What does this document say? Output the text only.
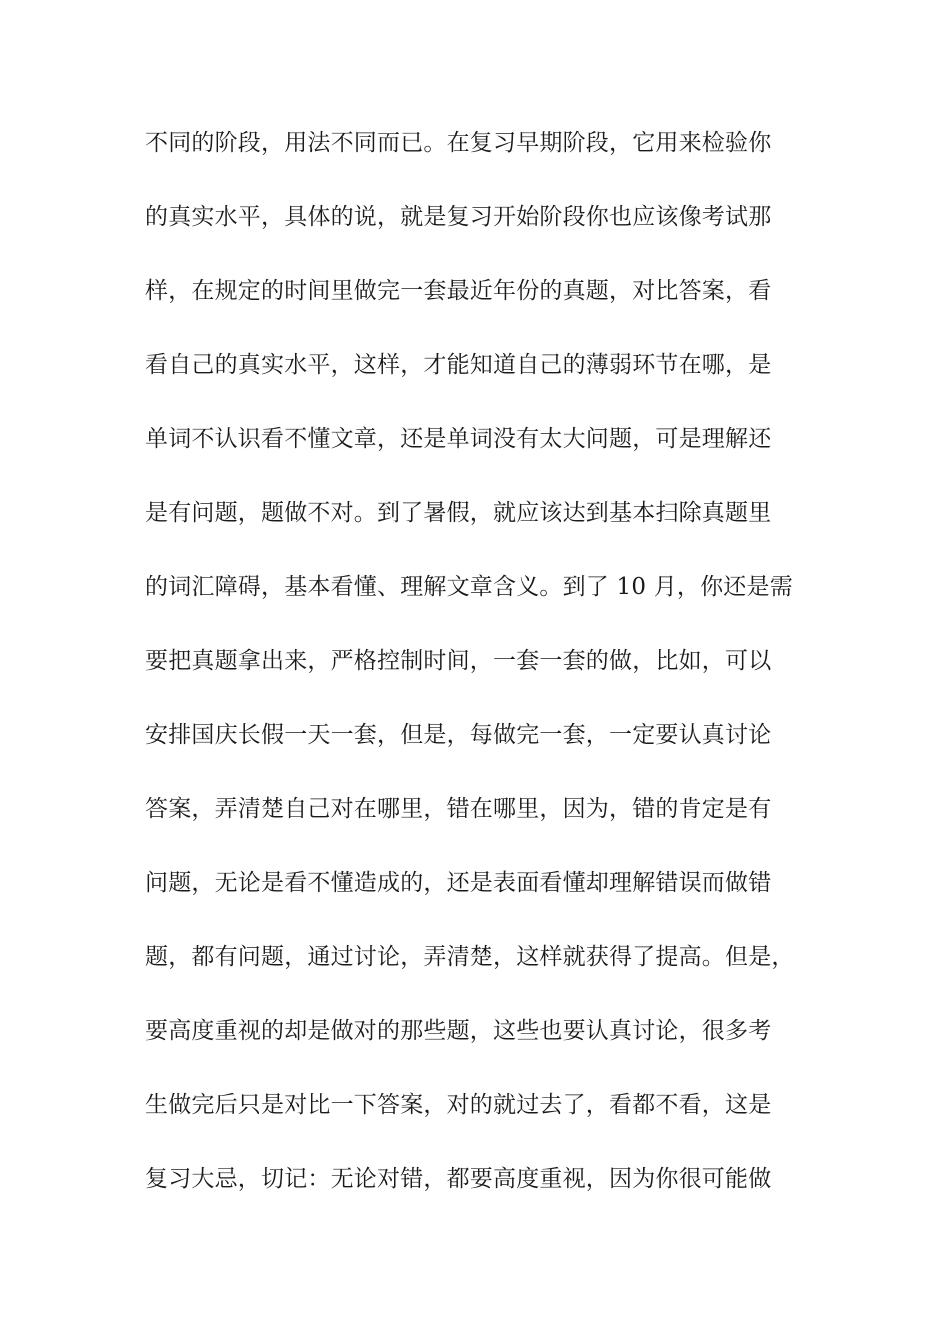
不同的阶段，用法不同而已。在复习早期阶段，它用来检验你
的真实水平，具体的说，就是复习开始阶段你也应该像考试那
样，在规定的时间里做完一套最近年份的真题，对比答案，看
看自己的真实水平，这样，才能知道自己的薄弱环节在哪，是
单词不认识看不懂文章，还是单词没有太大问题，可是理解还
是有问题，题做不对。到了暑假，就应该达到基本扫除真题里
的词汇障碍，基本看懂、理解文章含义。到了 10 月，你还是需
要把真题拿出来，严格控制时间，一套一套的做，比如，可以
安排国庆长假一天一套，但是，每做完一套，一定要认真讨论
答案，弄清楚自己对在哪里，错在哪里，因为，错的肯定是有
问题，无论是看不懂造成的，还是表面看懂却理解错误而做错
题，都有问题，通过讨论，弄清楚，这样就获得了提高。但是，
要高度重视的却是做对的那些题，这些也要认真讨论，很多考
生做完后只是对比一下答案，对的就过去了，看都不看，这是
复习大忌，切记：无论对错，都要高度重视，因为你很可能做
